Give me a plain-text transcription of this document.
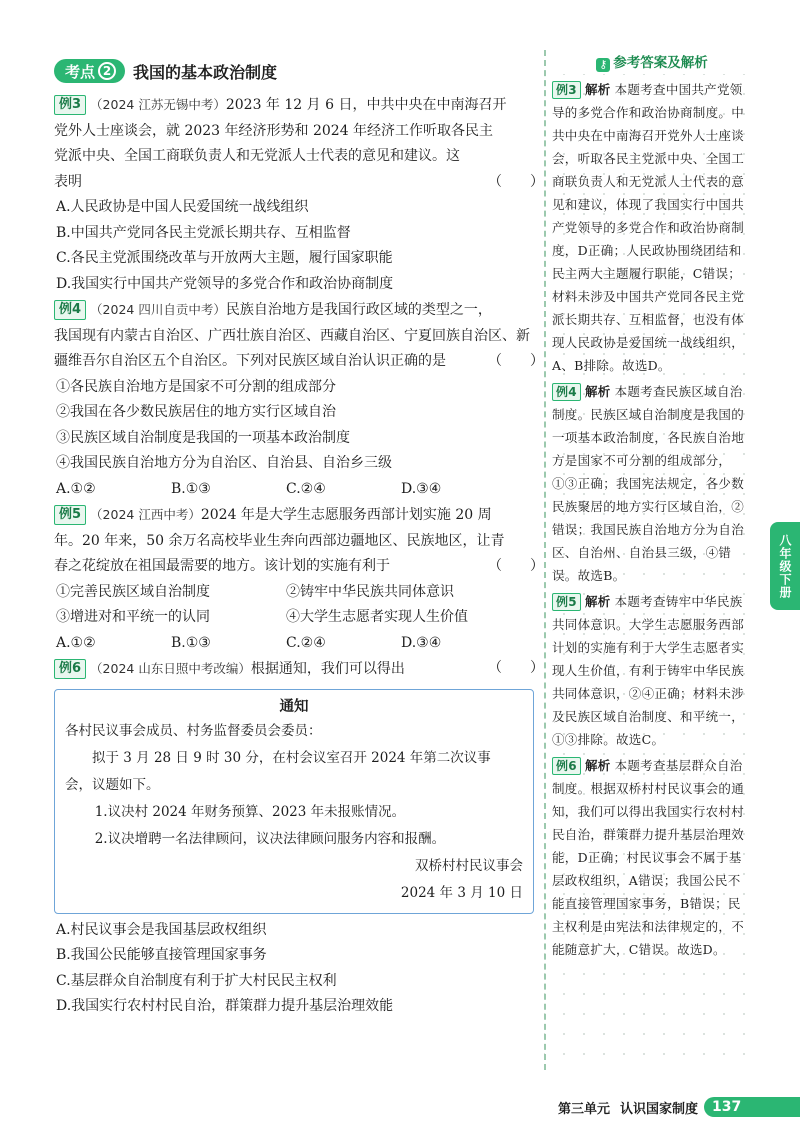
考点 2	我国的基本政治制度

例3 （2024 江苏无锡中考）2023 年 12 月 6 日，中共中央在中南海召开

党外人士座谈会，就 2023 年经济形势和 2024 年经济工作听取各民主

党派中央、全国工商联负责人和无党派人士代表的意见和建议。这

表明	（　　）

A.人民政协是中国人民爱国统一战线组织

B.中国共产党同各民主党派长期共存、互相监督

C.各民主党派围绕改革与开放两大主题，履行国家职能

D.我国实行中国共产党领导的多党合作和政治协商制度

例4 （2024 四川自贡中考）民族自治地方是我国行政区域的类型之一，

我国现有内蒙古自治区、广西壮族自治区、西藏自治区、宁夏回族自治区、新

疆维吾尔自治区五个自治区。下列对民族区域自治认识正确的是	（　　）

①各民族自治地方是国家不可分割的组成部分

②我国在各少数民族居住的地方实行区域自治

③民族区域自治制度是我国的一项基本政治制度

④我国民族自治地方分为自治区、自治县、自治乡三级

A.①②	B.①③	C.②④	D.③④

例5 （2024 江西中考）2024 年是大学生志愿服务西部计划实施 20 周

年。20 年来，50 余万名高校毕业生奔向西部边疆地区、民族地区，让青

春之花绽放在祖国最需要的地方。该计划的实施有利于	（　　）

①完善民族区域自治制度	②铸牢中华民族共同体意识

③增进对和平统一的认同	④大学生志愿者实现人生价值

A.①②	B.①③	C.②④	D.③④

例6 （2024 山东日照中考改编）根据通知，我们可以得出	（　　）

通知
各村民议事会成员、村务监督委员会委员：
拟于 3 月 28 日 9 时 30 分，在村会议室召开 2024 年第二次议事
会，议题如下。
1.议决村 2024 年财务预算、2023 年未报账情况。
2.议决增聘一名法律顾问，议决法律顾问服务内容和报酬。
双桥村村民议事会
2024 年 3 月 10 日

A.村民议事会是我国基层政权组织

B.我国公民能够直接管理国家事务

C.基层群众自治制度有利于扩大村民民主权利

D.我国实行农村村民自治，群策群力提升基层治理效能

⚷ 参考答案及解析
例3 解析 本题考查中国共产党领导的多党合作和政治协商制度。中共中央在中南海召开党外人士座谈会，听取各民主党派中央、全国工商联负责人和无党派人士代表的意见和建议，体现了我国实行中国共产党领导的多党合作和政治协商制度，D正确；人民政协围绕团结和民主两大主题履行职能，C错误；材料未涉及中国共产党同各民主党派长期共存、互相监督，也没有体现人民政协是爱国统一战线组织，A、B排除。故选D。
例4 解析 本题考查民族区域自治制度。民族区域自治制度是我国的一项基本政治制度，各民族自治地方是国家不可分割的组成部分，①③正确；我国宪法规定，各少数民族聚居的地方实行区域自治，②错误；我国民族自治地方分为自治区、自治州、自治县三级，④错误。故选B。
例5 解析 本题考查铸牢中华民族共同体意识。大学生志愿服务西部计划的实施有利于大学生志愿者实现人生价值，有利于铸牢中华民族共同体意识，②④正确；材料未涉及民族区域自治制度、和平统一，①③排除。故选C。
例6 解析 本题考查基层群众自治制度。根据双桥村村民议事会的通知，我们可以得出我国实行农村村民自治，群策群力提升基层治理效能，D正确；村民议事会不属于基层政权组织，A错误；我国公民不能直接管理国家事务，B错误；民主权利是由宪法和法律规定的，不能随意扩大，C错误。故选D。
八年级下册
第三单元 认识国家制度	137
